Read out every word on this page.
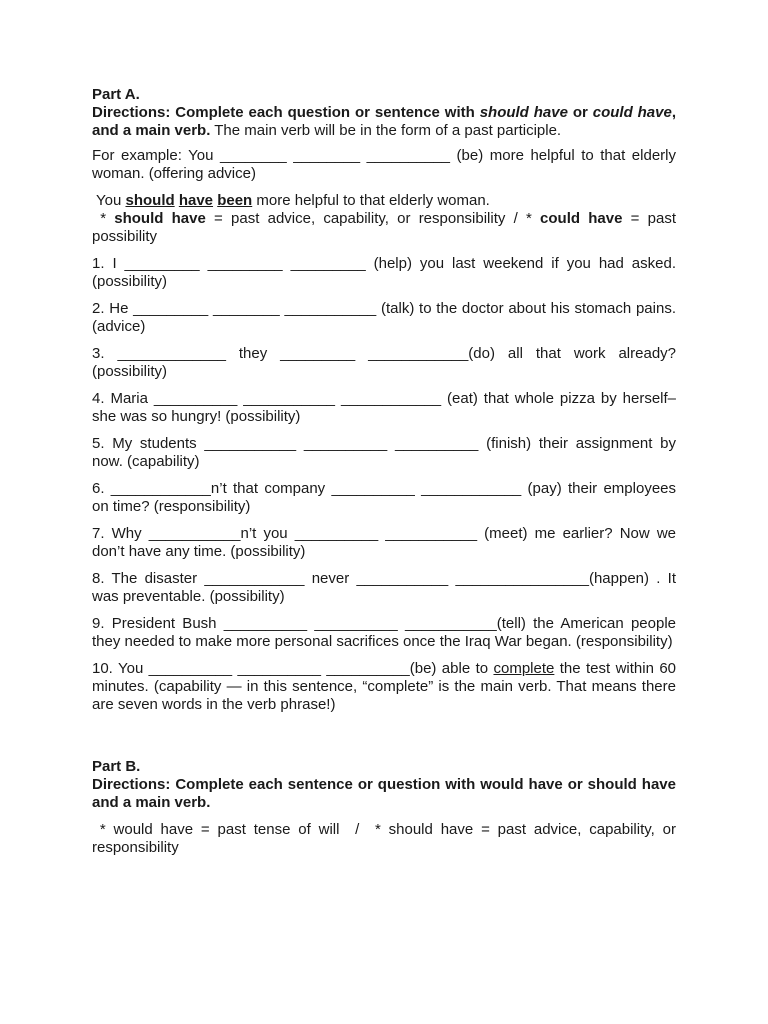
Part A.

Directions: Complete each question or sentence with should have or could have, and a main verb. The main verb will be in the form of a past participle.

For example: You ________ ________ __________ (be) more helpful to that elderly woman. (offering advice)

You should have been more helpful to that elderly woman.

* should have = past advice, capability, or responsibility / * could have = past possibility

1. I _________ _________ _________ (help) you last weekend if you had asked. (possibility)

2. He _________ ________ ___________ (talk) to the doctor about his stomach pains. (advice)

3. _____________ they _________ ____________(do) all that work already? (possibility)

4. Maria __________ ___________ ____________ (eat) that whole pizza by herself–she was so hungry! (possibility)

5. My students ___________ __________ __________ (finish) their assignment by now. (capability)

6. ____________n’t that company __________ ____________ (pay) their employees on time? (responsibility)

7. Why ___________n’t you __________ ___________ (meet) me earlier? Now we don’t have any time. (possibility)

8. The disaster ____________ never ___________ ________________(happen) . It was preventable. (possibility)

9. President Bush __________ __________ ___________(tell) the American people they needed to make more personal sacrifices once the Iraq War began. (responsibility)

10. You __________ __________ __________(be) able to complete the test within 60 minutes. (capability — in this sentence, “complete” is the main verb. That means there are seven words in the verb phrase!)

Part B.

Directions: Complete each sentence or question with would have or should have and a main verb.

* would have = past tense of will  /  * should have = past advice, capability, or responsibility
